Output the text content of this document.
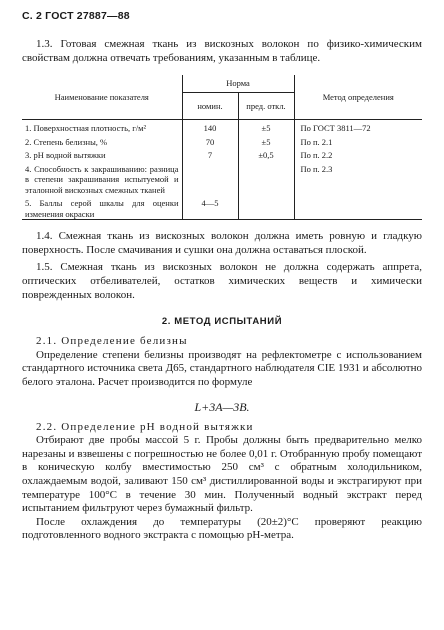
С. 2 ГОСТ 27887—88

1.3. Готовая смежная ткань из вискозных волокон по физико-химическим свойствам должна отвечать требованиям, указанным в таблице.

Наименование показателя	Норма		Метод определения
	номин.	пред. откл.	
1. Поверхностная плотность, г/м²	140	±5	По ГОСТ 3811—72
2. Степень белизны, %	70	±5	По п. 2.1
3. рН водной вытяжки	7	±0,5	По п. 2.2
4. Способность к закрашиванию: разница в степени закрашивания испытуемой и эталонной вискозных смежных тканей			По п. 2.3
5. Баллы серой шкалы для оценки изменения окраски	4—5		

1.4. Смежная ткань из вискозных волокон должна иметь ровную и гладкую поверхность. После смачивания и сушки она должна оставаться плоской.

1.5. Смежная ткань из вискозных волокон не должна содержать аппрета, оптических отбеливателей, остатков химических веществ и химически поврежденных волокон.

2. МЕТОД ИСПЫТАНИЙ

2.1. Определение белизны

Определение степени белизны производят на рефлектометре с использованием стандартного источника света Д65, стандартного наблюдателя CIE 1931 и абсолютно белого эталона. Расчет производится по формуле

L+3A—3B.

2.2. Определение рН водной вытяжки

Отбирают две пробы массой 5 г. Пробы должны быть предварительно мелко нарезаны и взвешены с погрешностью не более 0,01 г. Отобранную пробу помещают в коническую колбу вместимостью 250 см³ с обратным холодильником, охлаждаемым водой, заливают 150 см³ дистиллированной воды и экстрагируют при температуре 100°С в течение 30 мин. Полученный водный экстракт перед испытанием фильтруют через бумажный фильтр.

После охлаждения до температуры (20±2)°С проверяют реакцию подготовленного водного экстракта с помощью рН-метра.
